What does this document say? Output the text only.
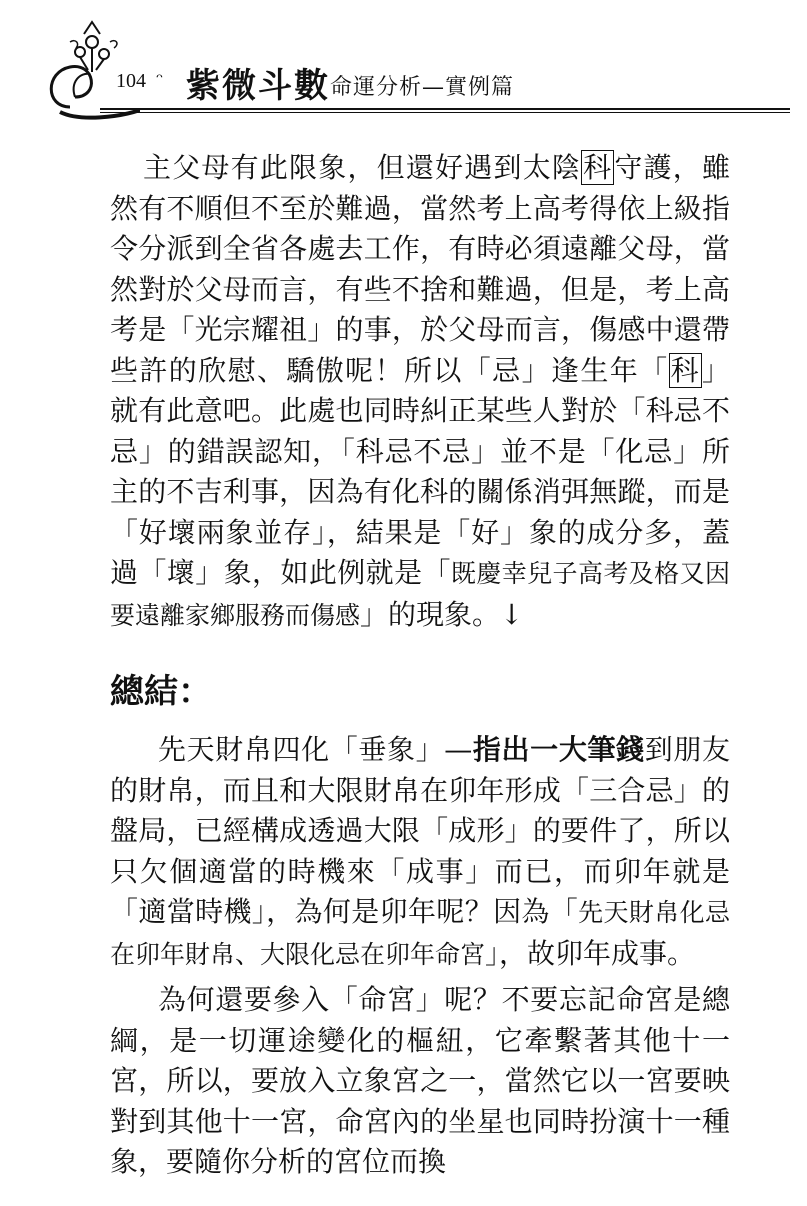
104 ᵔ 紫微斗數 命運分析—實例篇

主父母有此限象，但還好遇到太陰科守護，雖然有不順但不至於難過，當然考上高考得依上級指令分派到全省各處去工作，有時必須遠離父母，當然對於父母而言，有些不捨和難過，但是，考上高考是「光宗耀祖」的事，於父母而言，傷感中還帶些許的欣慰、驕傲呢！所以「忌」逢生年「科」就有此意吧。此處也同時糾正某些人對於「科忌不忌」的錯誤認知，「科忌不忌」並不是「化忌」所主的不吉利事，因為有化科的關係消弭無蹤，而是「好壞兩象並存」，結果是「好」象的成分多，蓋過「壞」象，如此例就是「既慶幸兒子高考及格又因要遠離家鄉服務而傷感」的現象。↓

總結：

先天財帛四化「垂象」—指出一大筆錢到朋友的財帛，而且和大限財帛在卯年形成「三合忌」的盤局，已經構成透過大限「成形」的要件了，所以只欠個適當的時機來「成事」而已，而卯年就是「適當時機」，為何是卯年呢？因為「先天財帛化忌在卯年財帛、大限化忌在卯年命宮」，故卯年成事。

為何還要參入「命宮」呢？不要忘記命宮是總綱，是一切運途變化的樞紐，它牽繫著其他十一宮，所以，要放入立象宮之一，當然它以一宮要映對到其他十一宮，命宮內的坐星也同時扮演十一種象，要隨你分析的宮位而換
